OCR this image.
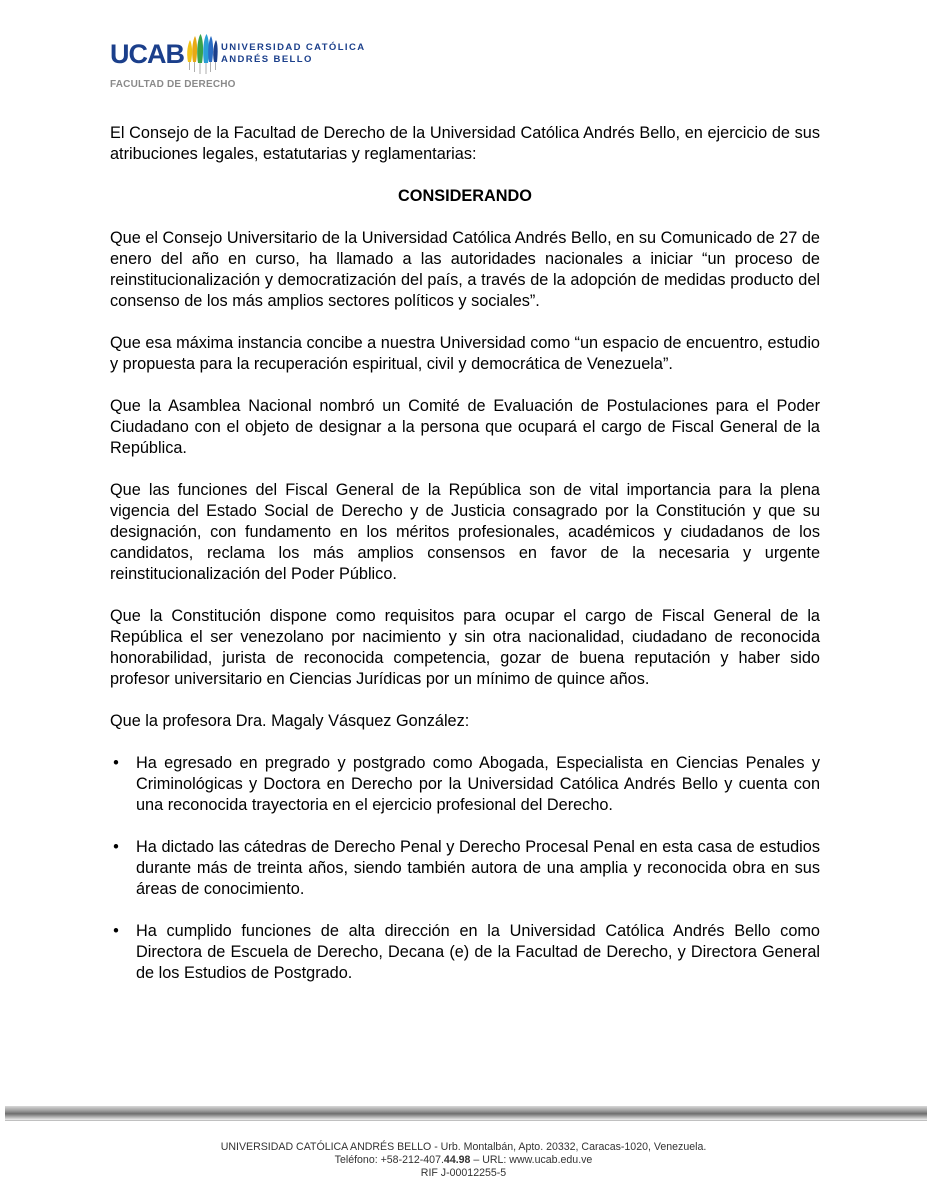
UCAB	UNIVERSIDAD CATÓLICA
ANDRÉS BELLO
FACULTAD DE DERECHO

El Consejo de la Facultad de Derecho de la Universidad Católica Andrés Bello, en ejercicio de sus atribuciones legales, estatutarias y reglamentarias:

CONSIDERANDO

Que el Consejo Universitario de la Universidad Católica Andrés Bello, en su Comunicado de 27 de enero del año en curso, ha llamado a las autoridades nacionales a iniciar “un proceso de reinstitucionalización y democratización del país, a través de la adopción de medidas producto del consenso de los más amplios sectores políticos y sociales”.

Que esa máxima instancia concibe a nuestra Universidad como “un espacio de encuentro, estudio y propuesta para la recuperación espiritual, civil y democrática de Venezuela”.

Que la Asamblea Nacional nombró un Comité de Evaluación de Postulaciones para el Poder Ciudadano con el objeto de designar a la persona que ocupará el cargo de Fiscal General de la República.

Que las funciones del Fiscal General de la República son de vital importancia para la plena vigencia del Estado Social de Derecho y de Justicia consagrado por la Constitución y que su designación, con fundamento en los méritos profesionales, académicos y ciudadanos de los candidatos, reclama los más amplios consensos en favor de la necesaria y urgente reinstitucionalización del Poder Público.

Que la Constitución dispone como requisitos para ocupar el cargo de Fiscal General de la República el ser venezolano por nacimiento y sin otra nacionalidad, ciudadano de reconocida honorabilidad, jurista de reconocida competencia, gozar de buena reputación y haber sido profesor universitario en Ciencias Jurídicas por un mínimo de quince años.

Que la profesora Dra. Magaly Vásquez González:

• Ha egresado en pregrado y postgrado como Abogada, Especialista en Ciencias Penales y Criminológicas y Doctora en Derecho por la Universidad Católica Andrés Bello y cuenta con una reconocida trayectoria en el ejercicio profesional del Derecho.
• Ha dictado las cátedras de Derecho Penal y Derecho Procesal Penal en esta casa de estudios durante más de treinta años, siendo también autora de una amplia y reconocida obra en sus áreas de conocimiento.
• Ha cumplido funciones de alta dirección en la Universidad Católica Andrés Bello como Directora de Escuela de Derecho, Decana (e) de la Facultad de Derecho, y Directora General de los Estudios de Postgrado.
UNIVERSIDAD CATÓLICA ANDRÉS BELLO - Urb. Montalbán, Apto. 20332, Caracas-1020, Venezuela.
Teléfono: +58-212-407.44.98 – URL: www.ucab.edu.ve
RIF J-00012255-5
